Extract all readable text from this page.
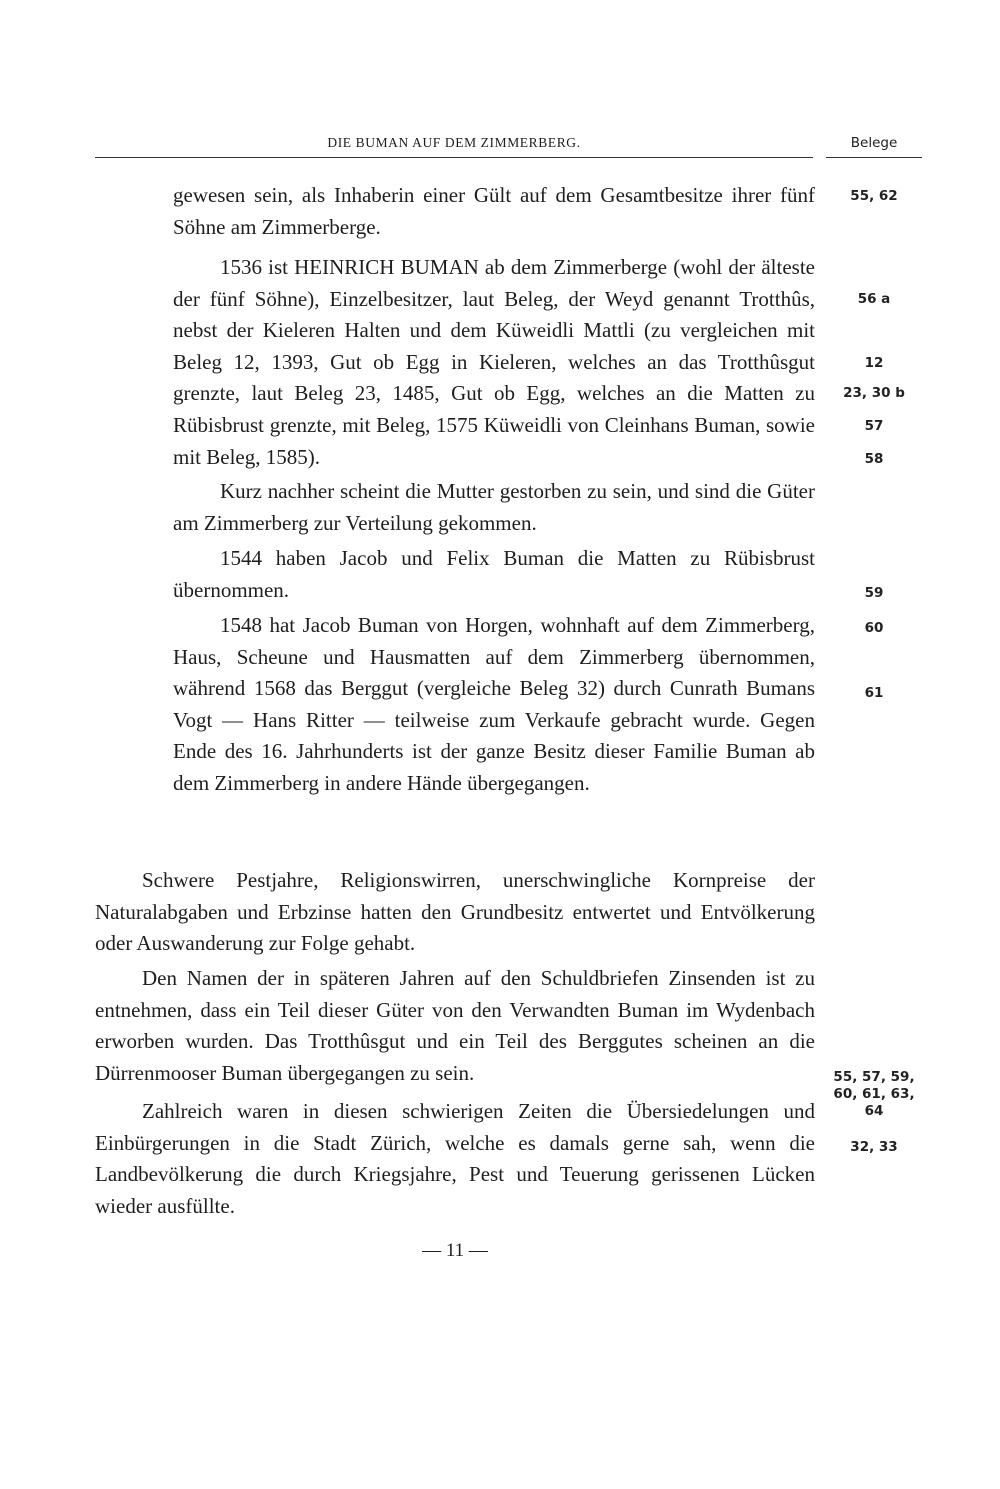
DIE BUMAN AUF DEM ZIMMERBERG.	Belege

gewesen sein, als Inhaberin einer Gült auf dem Gesamtbesitze ihrer fünf Söhne am Zimmerberge.

1536 ist HEINRICH BUMAN ab dem Zimmerberge (wohl der älteste der fünf Söhne), Einzelbesitzer, laut Beleg, der Weyd genannt Trotthûs, nebst der Kieleren Halten und dem Küweidli Mattli (zu vergleichen mit Beleg 12, 1393, Gut ob Egg in Kieleren, welches an das Trotthûsgut grenzte, laut Beleg 23, 1485, Gut ob Egg, welches an die Matten zu Rübisbrust grenzte, mit Beleg, 1575 Küweidli von Cleinhans Buman, sowie mit Beleg, 1585).

Kurz nachher scheint die Mutter gestorben zu sein, und sind die Güter am Zimmerberg zur Verteilung gekommen.

1544 haben Jacob und Felix Buman die Matten zu Rübisbrust übernommen.

1548 hat Jacob Buman von Horgen, wohnhaft auf dem Zimmerberg, Haus, Scheune und Hausmatten auf dem Zimmerberg übernommen, während 1568 das Berggut (vergleiche Beleg 32) durch Cunrath Bumans Vogt — Hans Ritter — teilweise zum Verkaufe gebracht wurde. Gegen Ende des 16. Jahrhunderts ist der ganze Besitz dieser Familie Buman ab dem Zimmerberg in andere Hände übergegangen.

Schwere Pestjahre, Religionswirren, unerschwingliche Kornpreise der Naturalabgaben und Erbzinse hatten den Grundbesitz entwertet und Entvölkerung oder Auswanderung zur Folge gehabt.

Den Namen der in späteren Jahren auf den Schuldbriefen Zinsenden ist zu entnehmen, dass ein Teil dieser Güter von den Verwandten Buman im Wydenbach erworben wurden. Das Trotthûsgut und ein Teil des Berggutes scheinen an die Dürrenmooser Buman übergegangen zu sein.

Zahlreich waren in diesen schwierigen Zeiten die Übersiedelungen und Einbürgerungen in die Stadt Zürich, welche es damals gerne sah, wenn die Landbevölkerung die durch Kriegsjahre, Pest und Teuerung gerissenen Lücken wieder ausfüllte.

55, 62
56 a
12
23, 30 b
57
58
59
60
61
55, 57, 59,
60, 61, 63,
64
32, 33
— 11 —
